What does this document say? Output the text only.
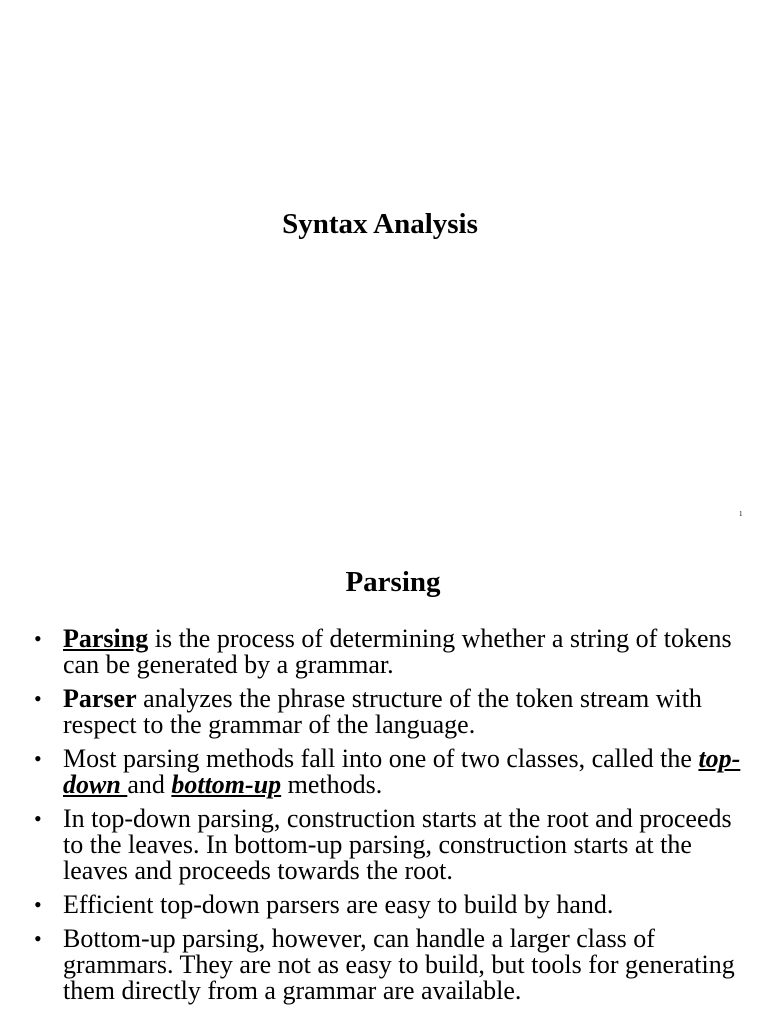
Syntax Analysis
1
Parsing
• Parsing is the process of determining whether a string of tokens can be generated by a grammar.
• Parser analyzes the phrase structure of the token stream with respect to the grammar of the language.
• Most parsing methods fall into one of two classes, called the top-down and bottom-up methods.
• In top-down parsing, construction starts at the root and proceeds to the leaves. In bottom-up parsing, construction starts at the leaves and proceeds towards the root.
• Efficient top-down parsers are easy to build by hand.
• Bottom-up parsing, however, can handle a larger class of grammars. They are not as easy to build, but tools for generating them directly from a grammar are available.
